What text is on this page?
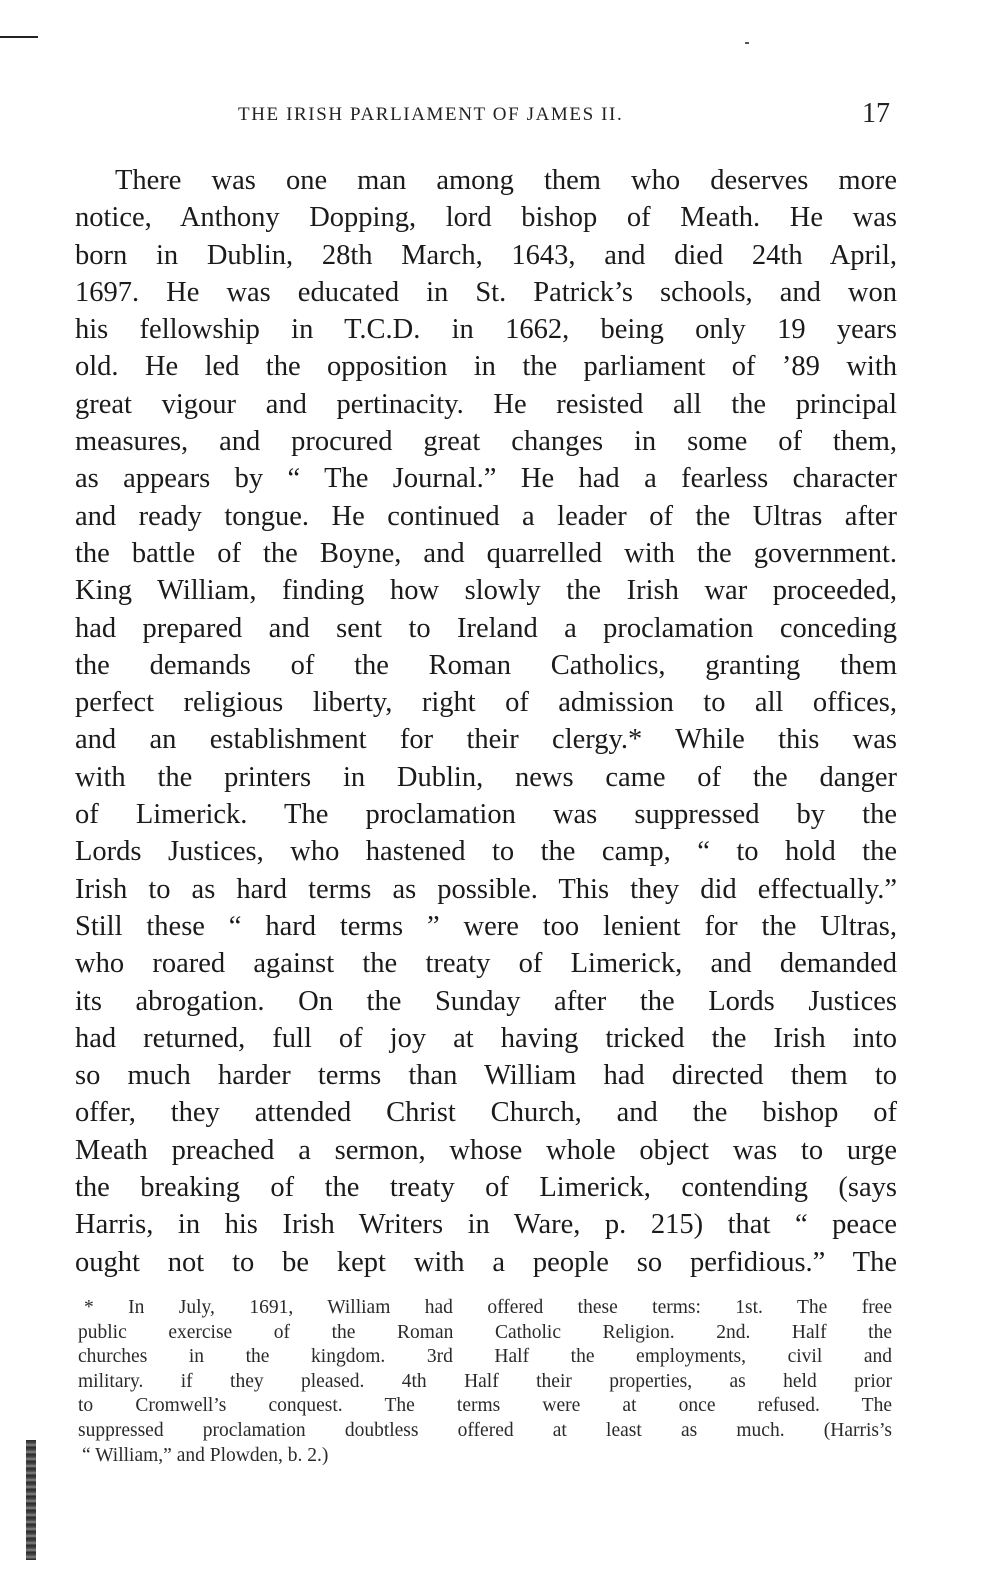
THE IRISH PARLIAMENT OF JAMES II.	17
There was one man among them who deserves more
notice, Anthony Dopping, lord bishop of Meath. He was
born in Dublin, 28th March, 1643, and died 24th April,
1697. He was educated in St. Patrick’s schools, and won
his fellowship in T.C.D. in 1662, being only 19 years
old. He led the opposition in the parliament of ’89 with
great vigour and pertinacity. He resisted all the principal
measures, and procured great changes in some of them,
as appears by “ The Journal.” He had a fearless character
and ready tongue. He continued a leader of the Ultras after
the battle of the Boyne, and quarrelled with the government.
King William, finding how slowly the Irish war proceeded,
had prepared and sent to Ireland a proclamation conceding
the demands of the Roman Catholics, granting them
perfect religious liberty, right of admission to all offices,
and an establishment for their clergy.* While this was
with the printers in Dublin, news came of the danger
of Limerick. The proclamation was suppressed by the
Lords Justices, who hastened to the camp, “ to hold the
Irish to as hard terms as possible. This they did effectually.”
Still these “ hard terms ” were too lenient for the Ultras,
who roared against the treaty of Limerick, and demanded
its abrogation. On the Sunday after the Lords Justices
had returned, full of joy at having tricked the Irish into
so much harder terms than William had directed them to
offer, they attended Christ Church, and the bishop of
Meath preached a sermon, whose whole object was to urge
the breaking of the treaty of Limerick, contending (says
Harris, in his Irish Writers in Ware, p. 215) that “ peace
ought not to be kept with a people so perfidious.” The
* In July, 1691, William had offered these terms: 1st. The free
public exercise of the Roman Catholic Religion. 2nd. Half the
churches in the kingdom. 3rd Half the employments, civil and
military. if they pleased. 4th Half their properties, as held prior
to Cromwell’s conquest. The terms were at once refused. The
suppressed proclamation doubtless offered at least as much. (Harris’s
“ William,” and Plowden, b. 2.)
